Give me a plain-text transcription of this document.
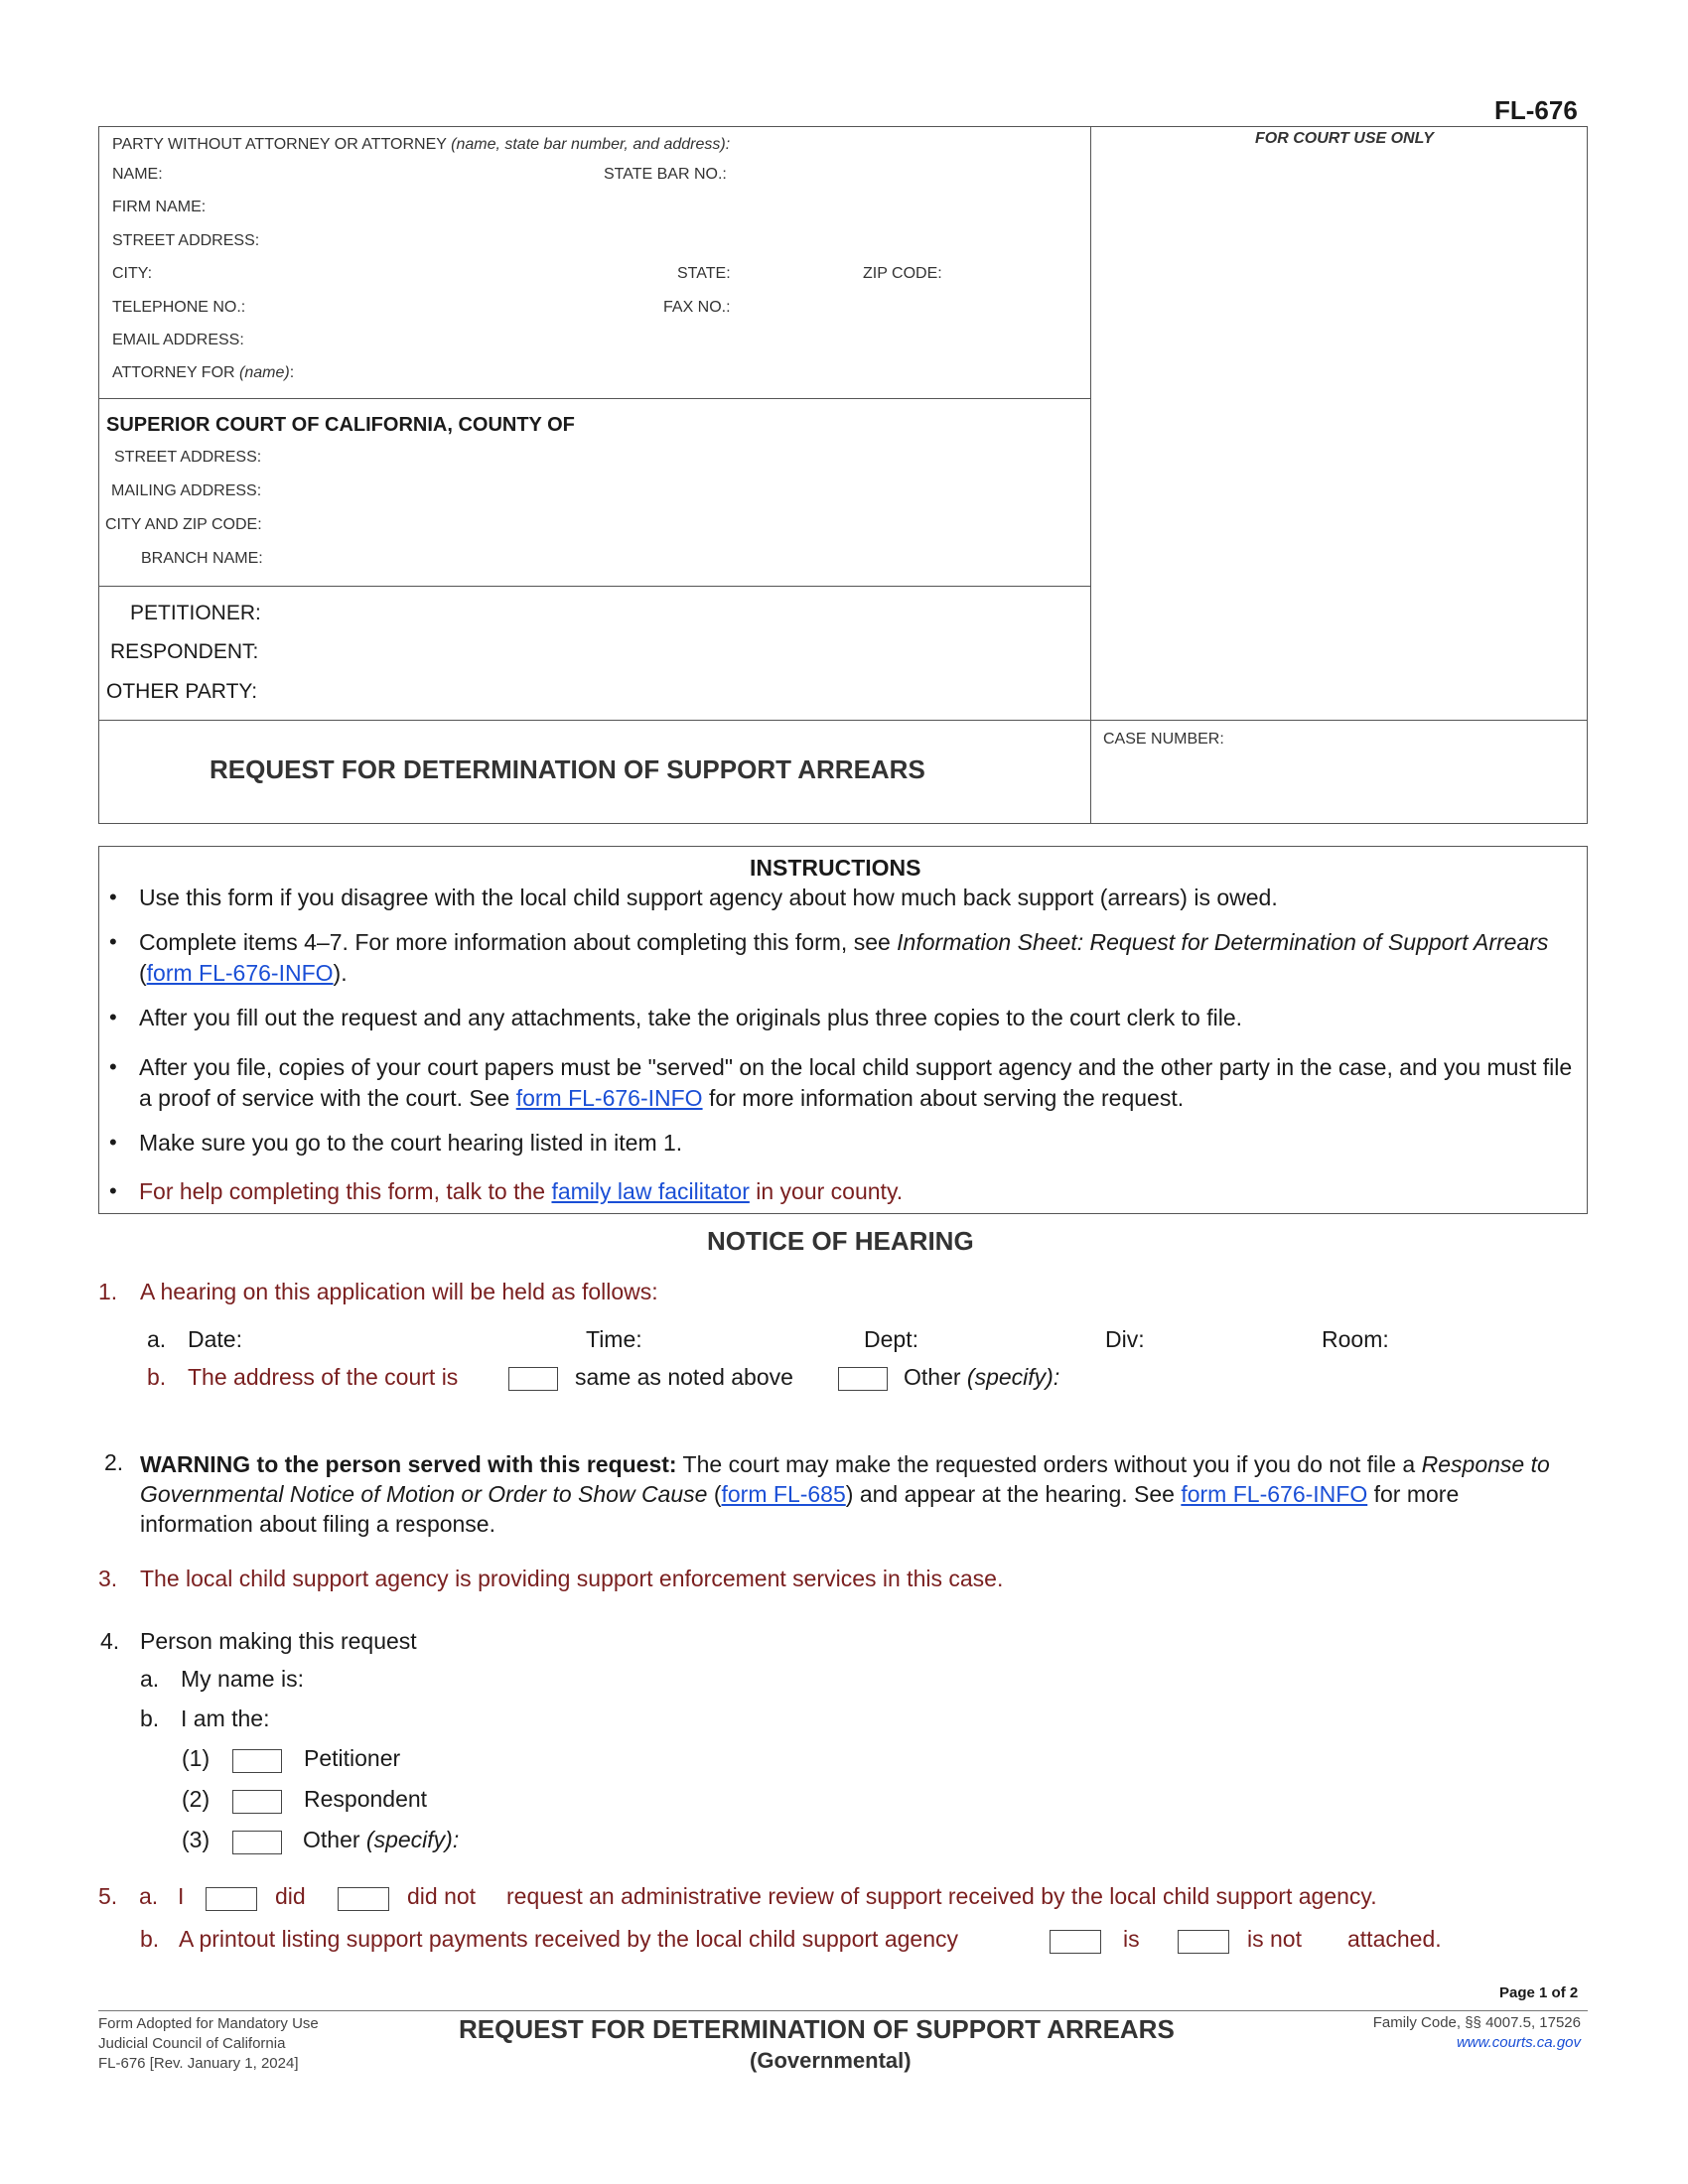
FL-676
FOR COURT USE ONLY
PARTY WITHOUT ATTORNEY OR ATTORNEY (name, state bar number, and address):
NAME:	STATE BAR NO.:
FIRM NAME:
STREET ADDRESS:
CITY:	STATE:	ZIP CODE:
TELEPHONE NO.:	FAX NO.:
EMAIL ADDRESS:
ATTORNEY FOR (name):
SUPERIOR COURT OF CALIFORNIA, COUNTY OF
STREET ADDRESS:
MAILING ADDRESS:
CITY AND ZIP CODE:
BRANCH NAME:
PETITIONER:
RESPONDENT:
OTHER PARTY:
REQUEST FOR DETERMINATION OF SUPPORT ARREARS
CASE NUMBER:
INSTRUCTIONS
• Use this form if you disagree with the local child support agency about how much back support (arrears) is owed.
• Complete items 4–7. For more information about completing this form, see Information Sheet: Request for Determination of Support Arrears (form FL-676-INFO).
• After you fill out the request and any attachments, take the originals plus three copies to the court clerk to file.
• After you file, copies of your court papers must be "served" on the local child support agency and the other party in the case, and you must file a proof of service with the court. See form FL-676-INFO for more information about serving the request.
• Make sure you go to the court hearing listed in item 1.
• For help completing this form, talk to the family law facilitator in your county.
NOTICE OF HEARING
1. A hearing on this application will be held as follows:
a. Date:	Time:	Dept:	Div:	Room:
b. The address of the court is	same as noted above	Other (specify):
2. WARNING to the person served with this request: The court may make the requested orders without you if you do not file a Response to Governmental Notice of Motion or Order to Show Cause (form FL-685) and appear at the hearing. See form FL-676-INFO for more information about filing a response.
3. The local child support agency is providing support enforcement services in this case.
4. Person making this request
a. My name is:
b. I am the:
(1)	Petitioner
(2)	Respondent
(3)	Other (specify):
5. a. I	did	did not request an administrative review of support received by the local child support agency.
b. A printout listing support payments received by the local child support agency	is	is not attached.
Page 1 of 2
Form Adopted for Mandatory Use
Judicial Council of California
FL-676 [Rev. January 1, 2024]
REQUEST FOR DETERMINATION OF SUPPORT ARREARS
(Governmental)
Family Code, §§ 4007.5, 17526
www.courts.ca.gov
